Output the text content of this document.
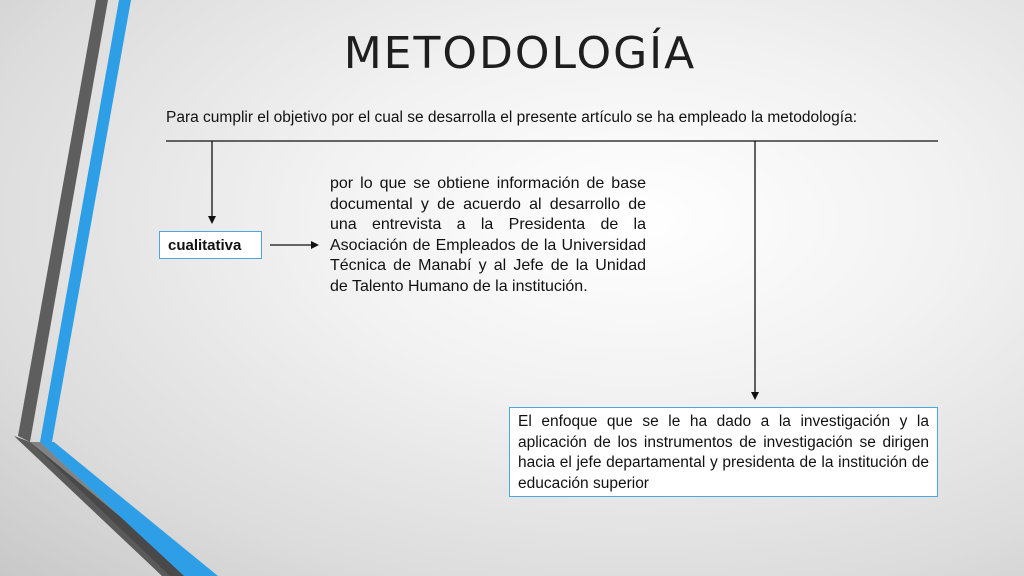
METODOLOGÍA
Para cumplir el objetivo por el cual se desarrolla el presente artículo se ha empleado la metodología:
cualitativa
por lo que se obtiene información de base documental y de acuerdo al desarrollo de una entrevista a la Presidenta de la Asociación de Empleados de la Universidad Técnica de Manabí y al Jefe de la Unidad de Talento Humano de la institución.
El enfoque que se le ha dado a la investigación y la aplicación de los instrumentos de investigación se dirigen hacia el jefe departamental y presidenta de la institución de educación superior
